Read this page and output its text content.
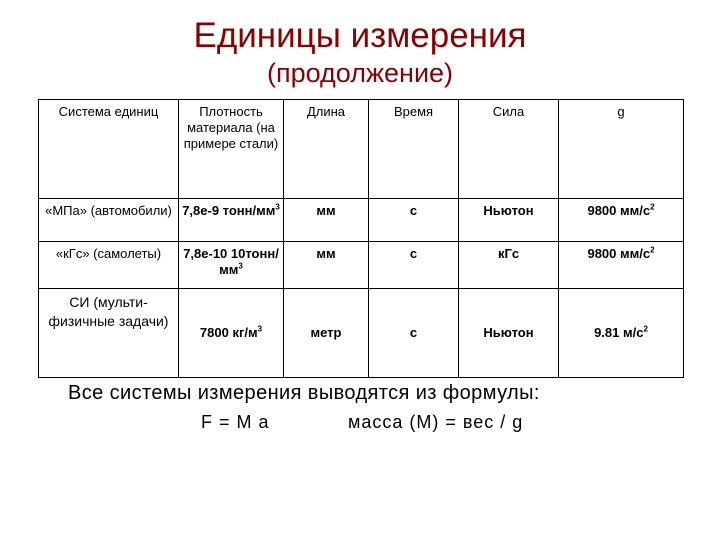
Единицы измерения
(продолжение)
Система единиц	Плотность материала (на примере стали)	Длина	Время	Сила	g
«МПа» (автомобили)	7,8е-9 тонн/$мм^3$	мм	с	Ньютон	9800 $мм/с^2$
«кГс» (самолеты)	7,8е-10 $10тонн/мм^3$	мм	с	кГс	9800 $мм/с^2$
СИ (мульти-физичные задачи)	7800 $кг/м^3$	метр	с	Ньютон	9.81 $м/с^2$
Все системы измерения выводятся из формулы:
F = M a	масса (M) = вес / g
